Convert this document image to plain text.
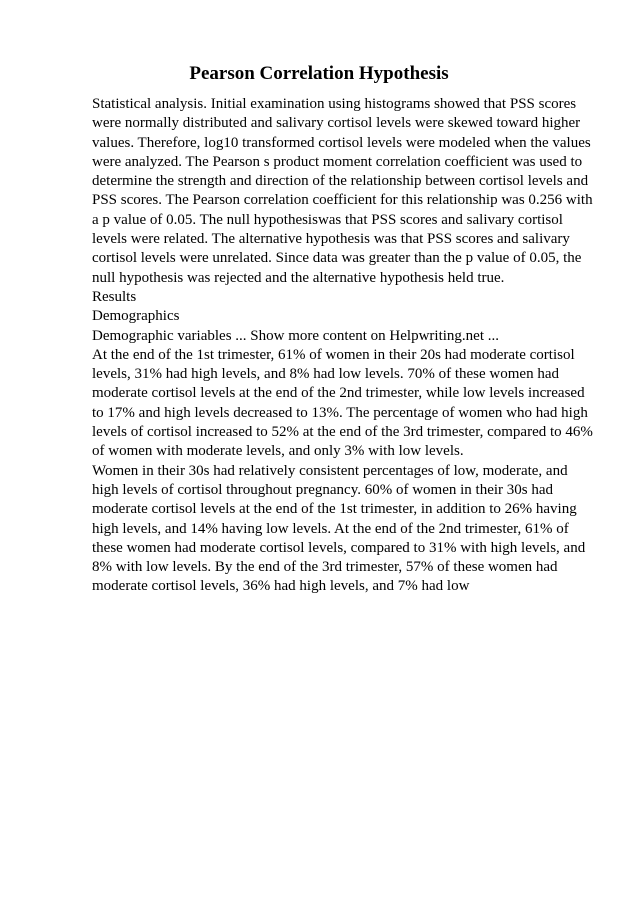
Pearson Correlation Hypothesis

Statistical analysis. Initial examination using histograms showed that PSS scores were normally distributed and salivary cortisol levels were skewed toward higher values. Therefore, log10 transformed cortisol levels were modeled when the values were analyzed. The Pearson s product moment correlation coefficient was used to determine the strength and direction of the relationship between cortisol levels and PSS scores. The Pearson correlation coefficient for this relationship was 0.256 with a p value of 0.05. The null hypothesiswas that PSS scores and salivary cortisol levels were related. The alternative hypothesis was that PSS scores and salivary cortisol levels were unrelated. Since data was greater than the p value of 0.05, the null hypothesis was rejected and the alternative hypothesis held true.

Results

Demographics

Demographic variables ... Show more content on Helpwriting.net ...

At the end of the 1st trimester, 61% of women in their 20s had moderate cortisol levels, 31% had high levels, and 8% had low levels. 70% of these women had moderate cortisol levels at the end of the 2nd trimester, while low levels increased to 17% and high levels decreased to 13%. The percentage of women who had high levels of cortisol increased to 52% at the end of the 3rd trimester, compared to 46% of women with moderate levels, and only 3% with low levels.

Women in their 30s had relatively consistent percentages of low, moderate, and high levels of cortisol throughout pregnancy. 60% of women in their 30s had moderate cortisol levels at the end of the 1st trimester, in addition to 26% having high levels, and 14% having low levels. At the end of the 2nd trimester, 61% of these women had moderate cortisol levels, compared to 31% with high levels, and 8% with low levels. By the end of the 3rd trimester, 57% of these women had moderate cortisol levels, 36% had high levels, and 7% had low
